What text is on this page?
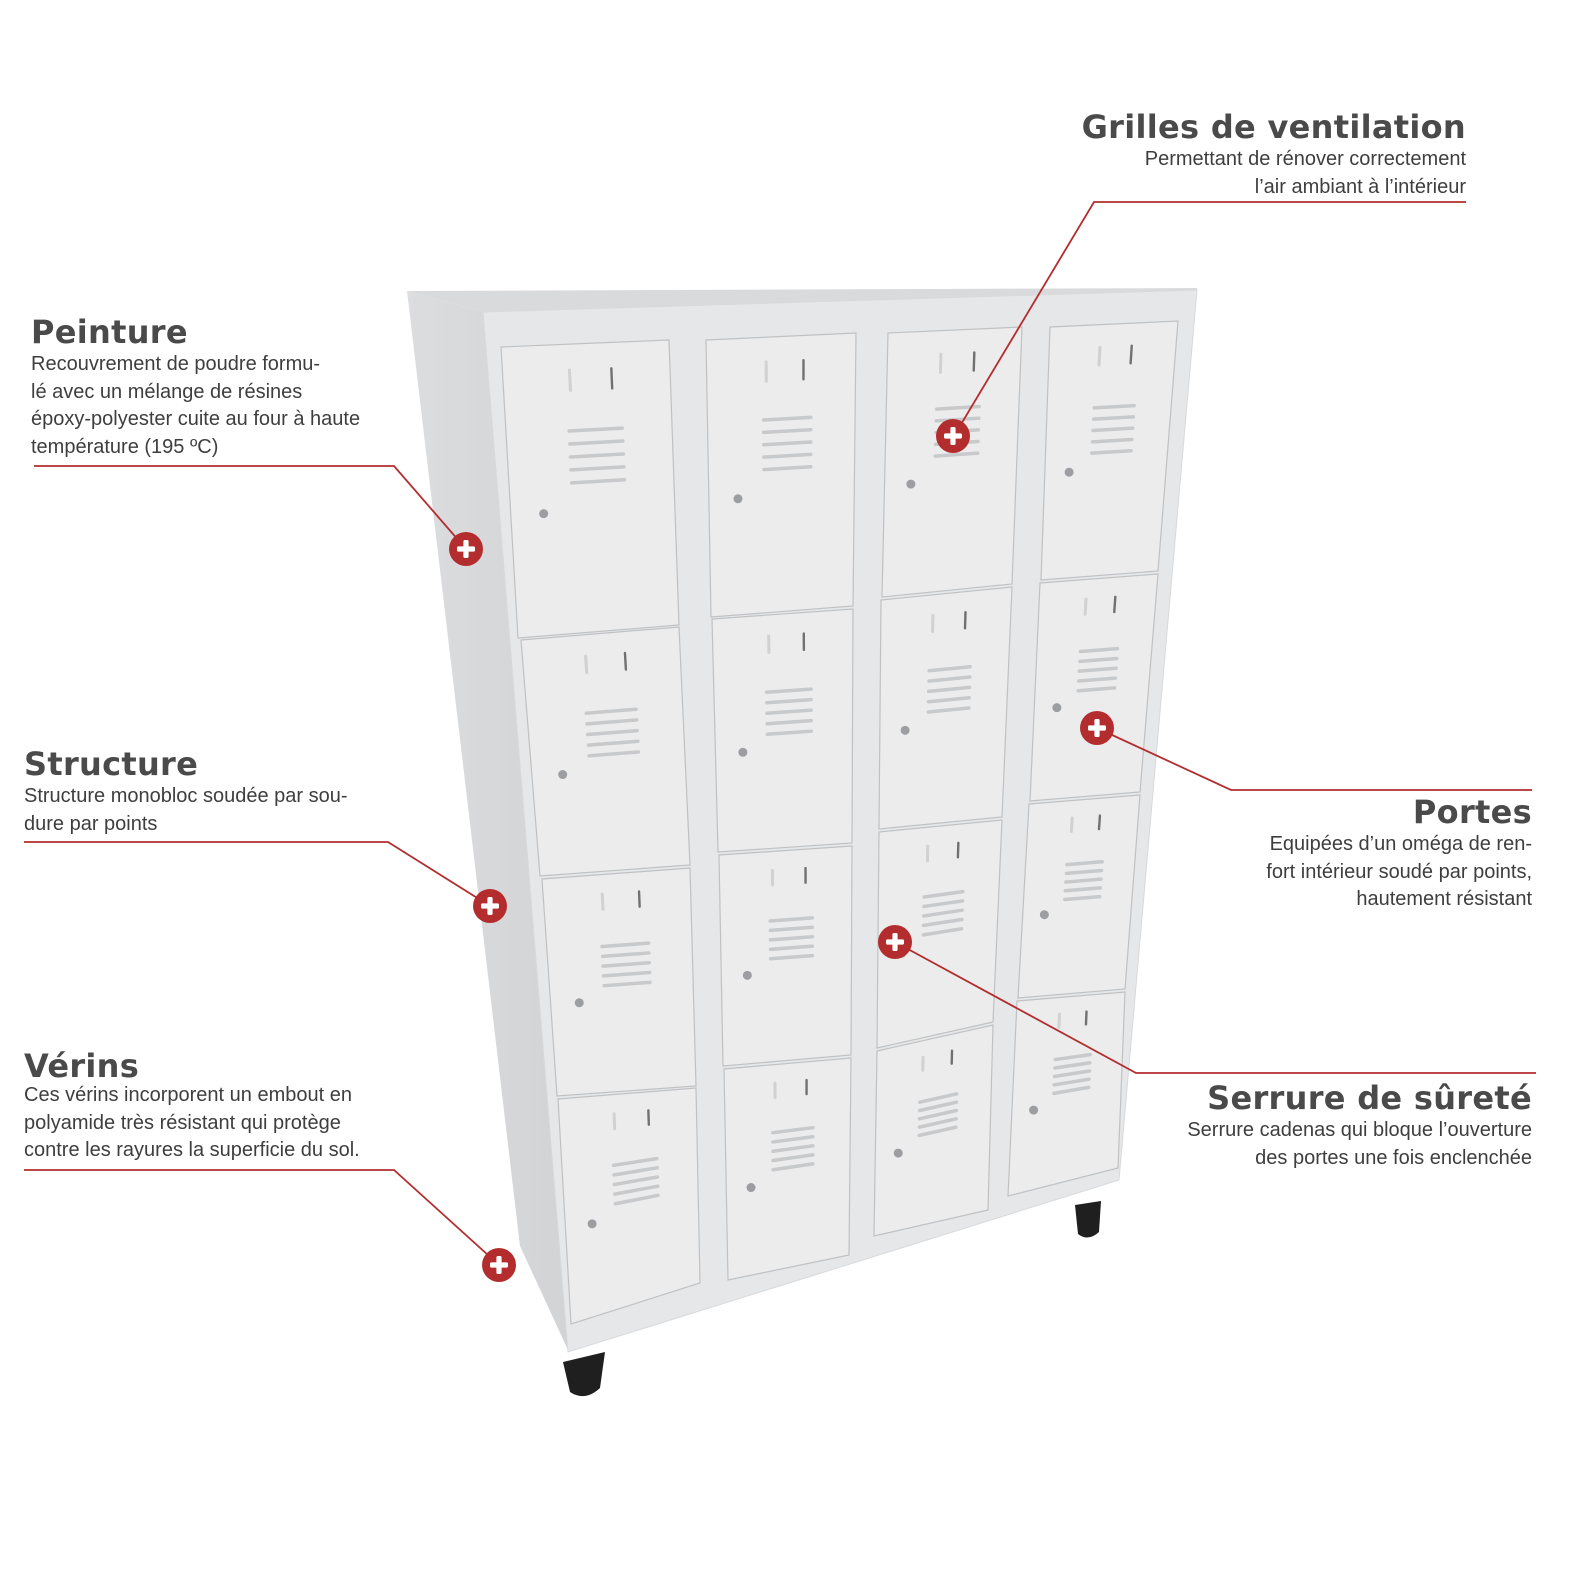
Grilles de ventilation
Permettant de rénover correctement
l’air ambiant à l’intérieur
Peinture
Recouvrement de poudre formu-
lé avec un mélange de résines
époxy-polyester cuite au four à haute
température (195 ºC)
Structure
Structure monobloc soudée par sou-
dure par points	Portes
Equipées d’un oméga de ren-
fort intérieur soudé par points,
hautement résistant
Vérins
Ces vérins incorporent un embout en
polyamide très résistant qui protège
contre les rayures la superficie du sol.
Serrure de sûreté
Serrure cadenas qui bloque l’ouverture
des portes une fois enclenchée
